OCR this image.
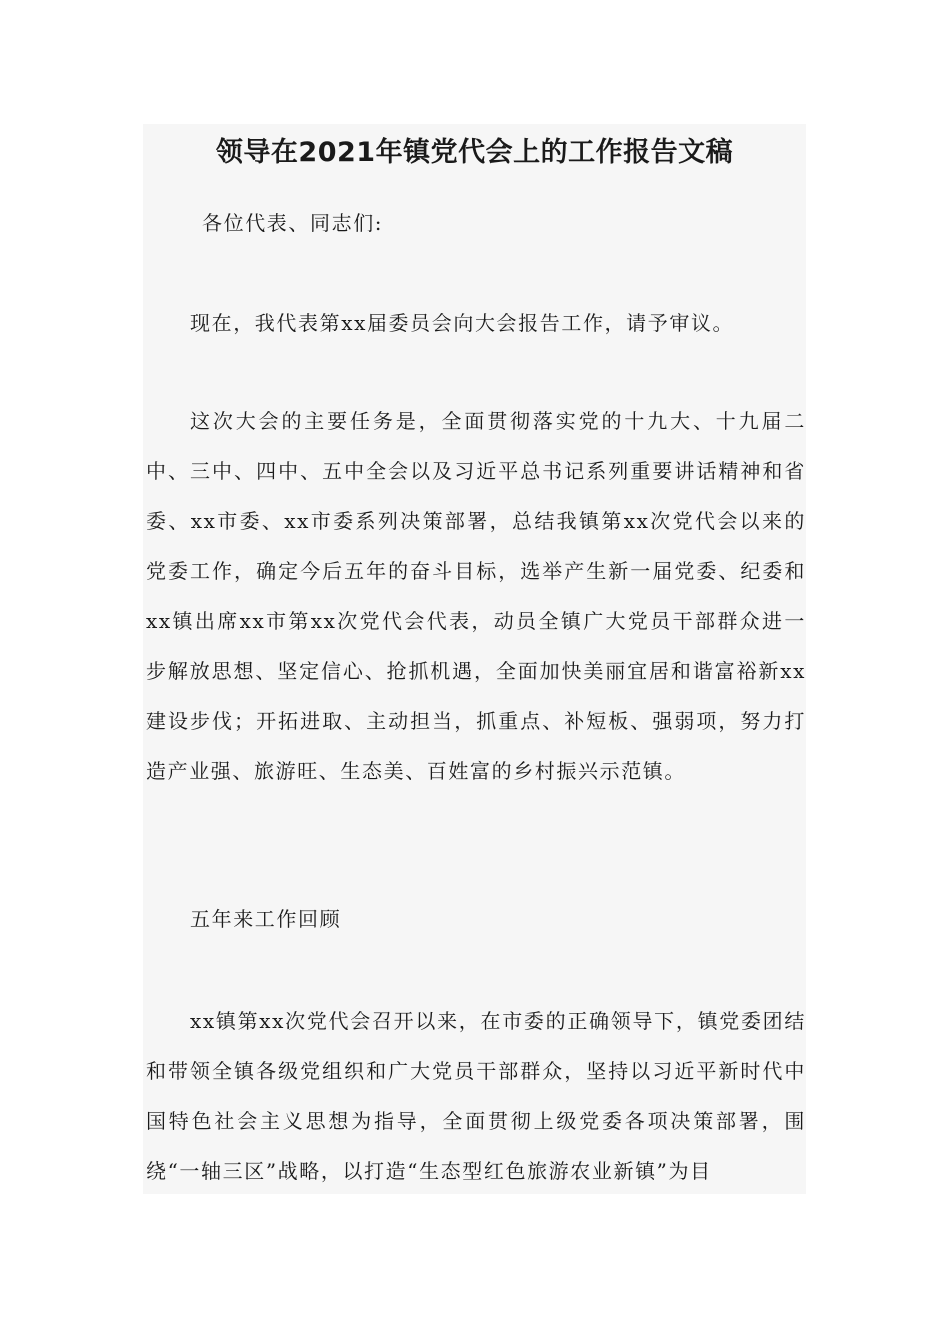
领导在2021年镇党代会上的工作报告文稿

各位代表、同志们:

现在，我代表第xx届委员会向大会报告工作，请予审议。

这次大会的主要任务是，全面贯彻落实党的十九大、十九届二中、三中、四中、五中全会以及习近平总书记系列重要讲话精神和省委、xx市委、xx市委系列决策部署，总结我镇第xx次党代会以来的党委工作，确定今后五年的奋斗目标，选举产生新一届党委、纪委和xx镇出席xx市第xx次党代会代表，动员全镇广大党员干部群众进一步解放思想、坚定信心、抢抓机遇，全面加快美丽宜居和谐富裕新xx建设步伐；开拓进取、主动担当，抓重点、补短板、强弱项，努力打造产业强、旅游旺、生态美、百姓富的乡村振兴示范镇。

五年来工作回顾

xx镇第xx次党代会召开以来，在市委的正确领导下，镇党委团结和带领全镇各级党组织和广大党员干部群众，坚持以习近平新时代中国特色社会主义思想为指导，全面贯彻上级党委各项决策部署，围绕“一轴三区”战略，以打造“生态型红色旅游农业新镇”为目
